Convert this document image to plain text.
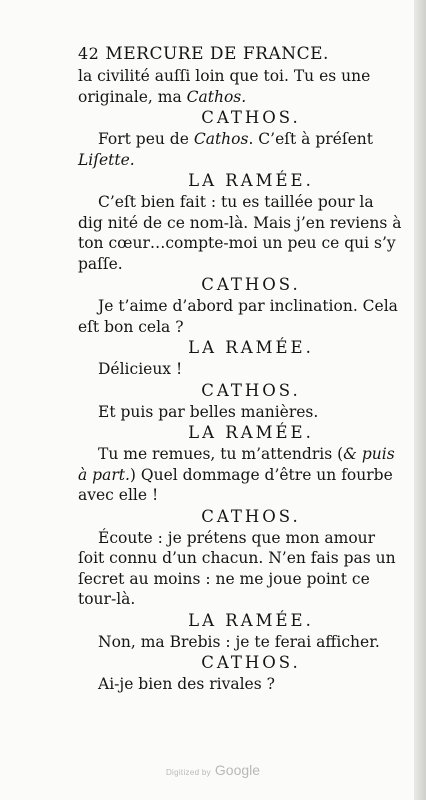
42 MERCURE DE FRANCE.
la civilité auſſi loin que toi. Tu es une
originale, ma Cathos.
CATHOS.
Fort peu de Cathos. C’eſt à préſent
Liſette.
LA RAMÉE.
C’eſt bien fait : tu es taillée pour la
dig nité de ce nom-là. Mais j’en reviens à
ton cœur…compte-moi un peu ce qui s’y
paſſe.
CATHOS.
Je t’aime d’abord par inclination. Cela
eſt bon cela ?
LA RAMÉE.
Délicieux !
CATHOS.
Et puis par belles manières.
LA RAMÉE.
Tu me remues, tu m’attendris (& puis
à part.) Quel dommage d’être un fourbe
avec elle !
CATHOS.
Écoute : je prétens que mon amour
ſoit connu d’un chacun. N’en fais pas un
ſecret au moins : ne me joue point ce
tour-là.
LA RAMÉE.
Non, ma Brebis : je te ferai afficher.
CATHOS.
Ai-je bien des rivales ?
Digitized by Google
